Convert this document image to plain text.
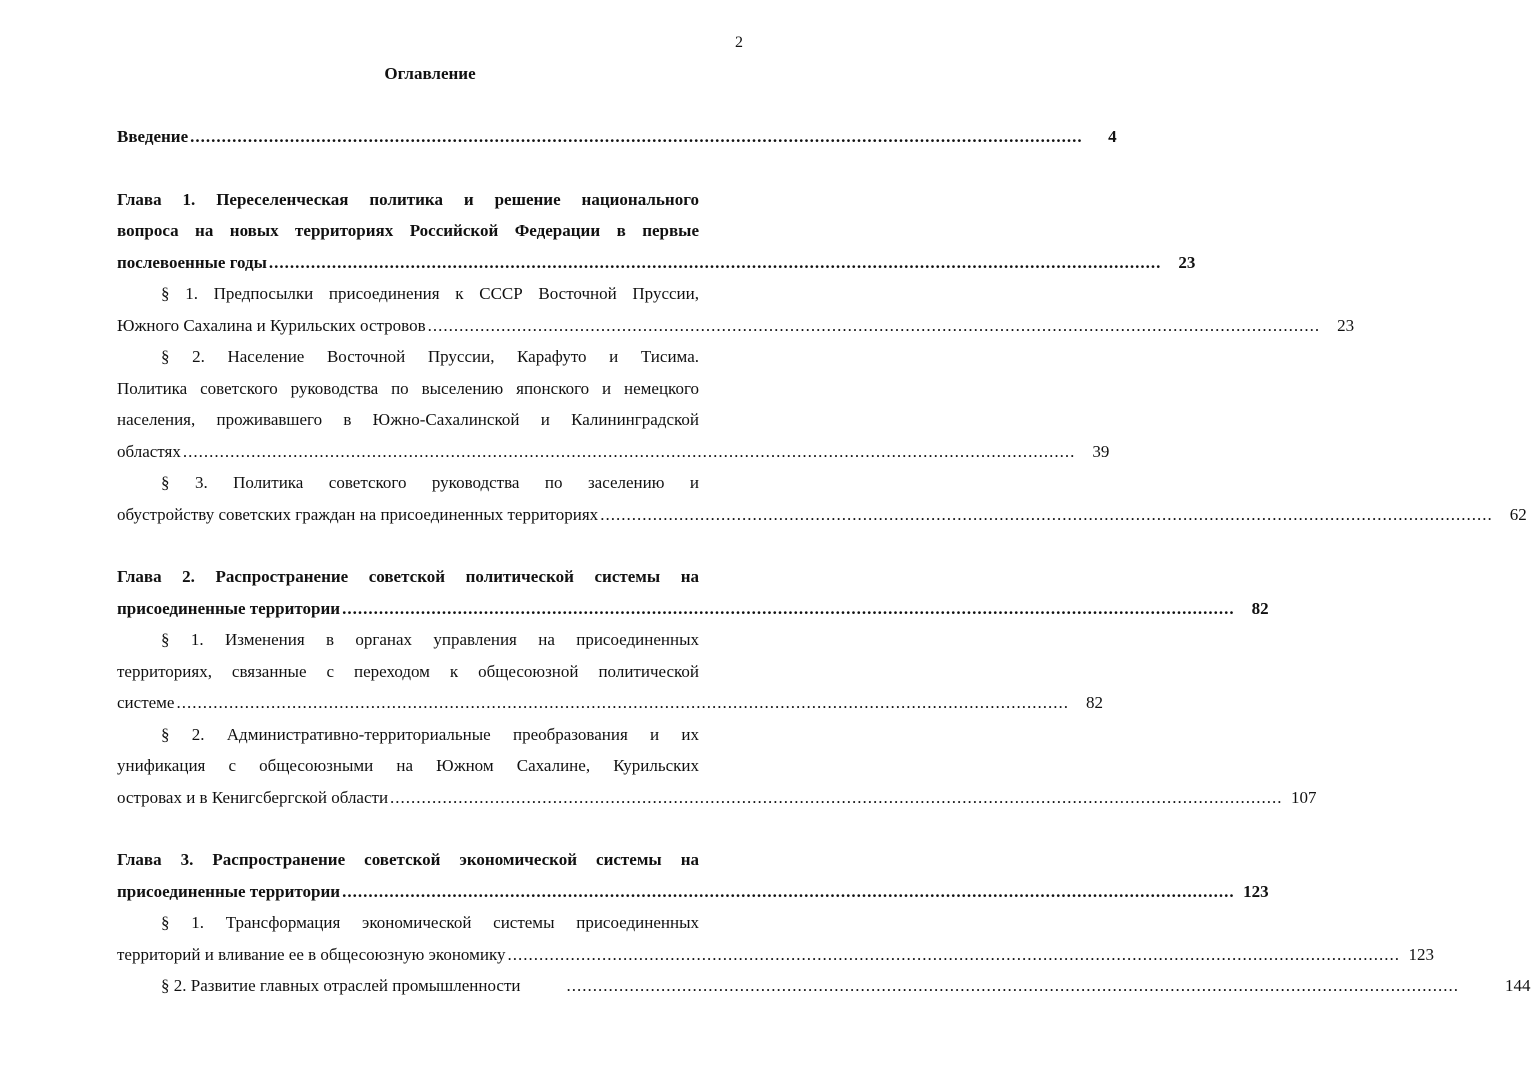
2
Оглавление
Введение ..........................................................................................................................................................................	4
Глава 1. Переселенческая политика и решение национального
вопроса на новых территориях Российской Федерации в первые
послевоенные годы ..........................................................................................................................................................................	23
§ 1. Предпосылки присоединения к СССР Восточной Пруссии,
Южного Сахалина и Курильских островов ..........................................................................................................................................................................	23
§ 2. Население Восточной Пруссии, Карафуто и Тисима.
Политика советского руководства по выселению японского и немецкого
населения, проживавшего в Южно-Сахалинской и Калининградской
областях ..........................................................................................................................................................................	39
§ 3. Политика советского руководства по заселению и
обустройству советских граждан на присоединенных территориях ..........................................................................................................................................................................	62
Глава 2. Распространение советской политической системы на
присоединенные территории ..........................................................................................................................................................................	82
§ 1. Изменения в органах управления на присоединенных
территориях, связанные с переходом к общесоюзной политической
системе ..........................................................................................................................................................................	82
§ 2. Административно-территориальные преобразования и их
унификация с общесоюзными на Южном Сахалине, Курильских
островах и в Кенигсбергской области .......................................................................................................................................................................... 107
Глава 3. Распространение советской экономической системы на
присоединенные территории .......................................................................................................................................................................... 123
§ 1. Трансформация экономической системы присоединенных
территорий и вливание ее в общесоюзную экономику .......................................................................................................................................................................... 123
§ 2. Развитие главных отраслей промышленности	..........................................................................................................................................................................	144
